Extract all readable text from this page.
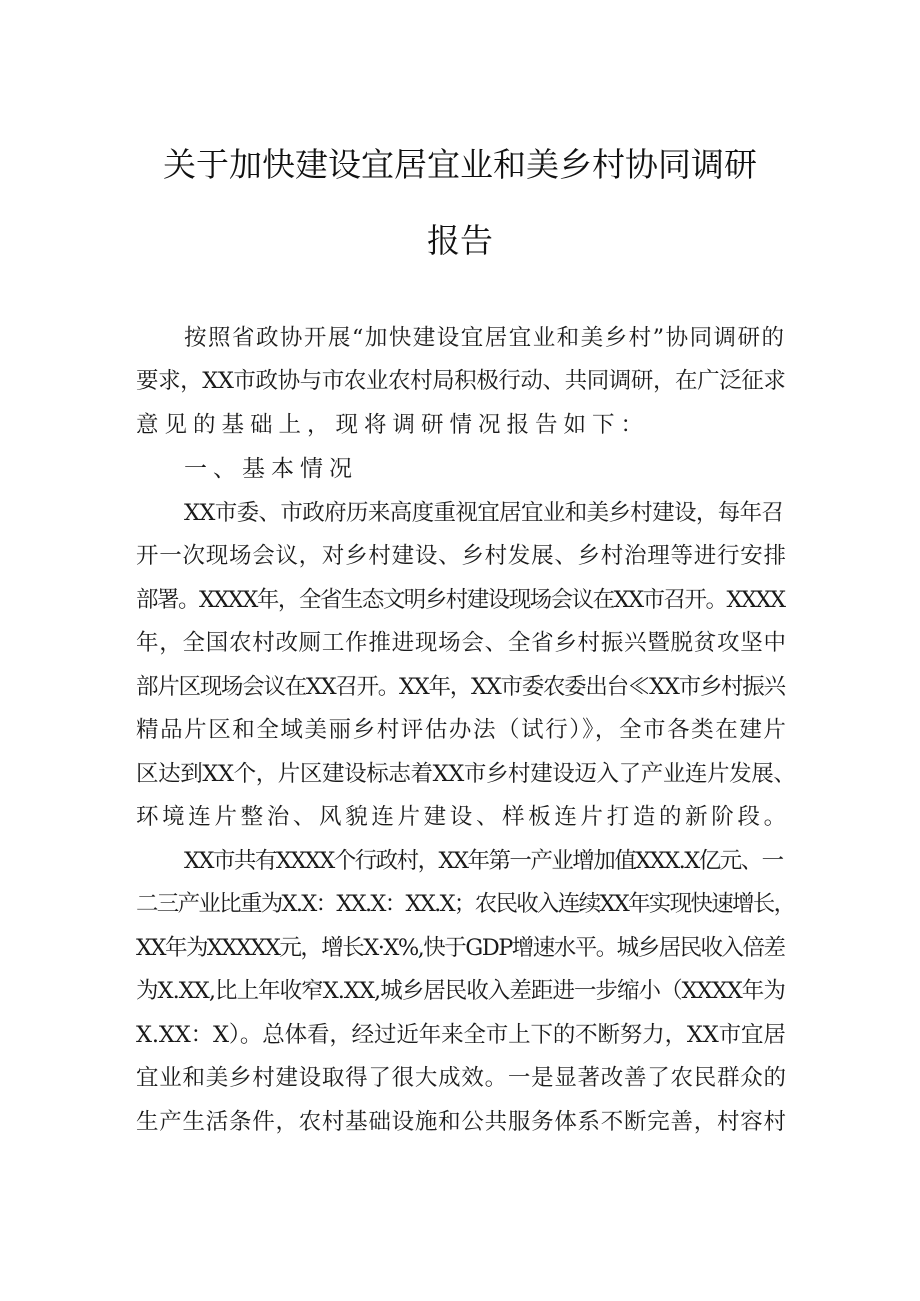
关于加快建设宜居宜业和美乡村协同调研
报告
按照省政协开展“加快建设宜居宜业和美乡村”协同调研的
要求，XX市政协与市农业农村局积极行动、共同调研，在广泛征求
意见的基础上，现将调研情况报告如下：
一、基本情况
XX市委、市政府历来高度重视宜居宜业和美乡村建设，每年召
开一次现场会议，对乡村建设、乡村发展、乡村治理等进行安排
部署。XXXX年，全省生态文明乡村建设现场会议在XX市召开。XXXX
年，全国农村改厕工作推进现场会、全省乡村振兴暨脱贫攻坚中
部片区现场会议在XX召开。XX年，XX市委农委出台≪XX市乡村振兴
精品片区和全域美丽乡村评估办法（试行）》，全市各类在建片
区达到XX个，片区建设标志着XX市乡村建设迈入了产业连片发展、
环境连片整治、风貌连片建设、样板连片打造的新阶段。
XX市共有XXXX个行政村，XX年第一产业增加值XXX.X亿元、一
二三产业比重为X.X：XX.X：XX.X；农民收入连续XX年实现快速增长，
XX年为XXXXX元，增长X·X%,快于GDP增速水平。城乡居民收入倍差
为X.XX,比上年收窄X.XX,城乡居民收入差距进一步缩小（XXXX年为
X.XX：X）。总体看，经过近年来全市上下的不断努力，XX市宜居
宜业和美乡村建设取得了很大成效。一是显著改善了农民群众的
生产生活条件，农村基础设施和公共服务体系不断完善，村容村
